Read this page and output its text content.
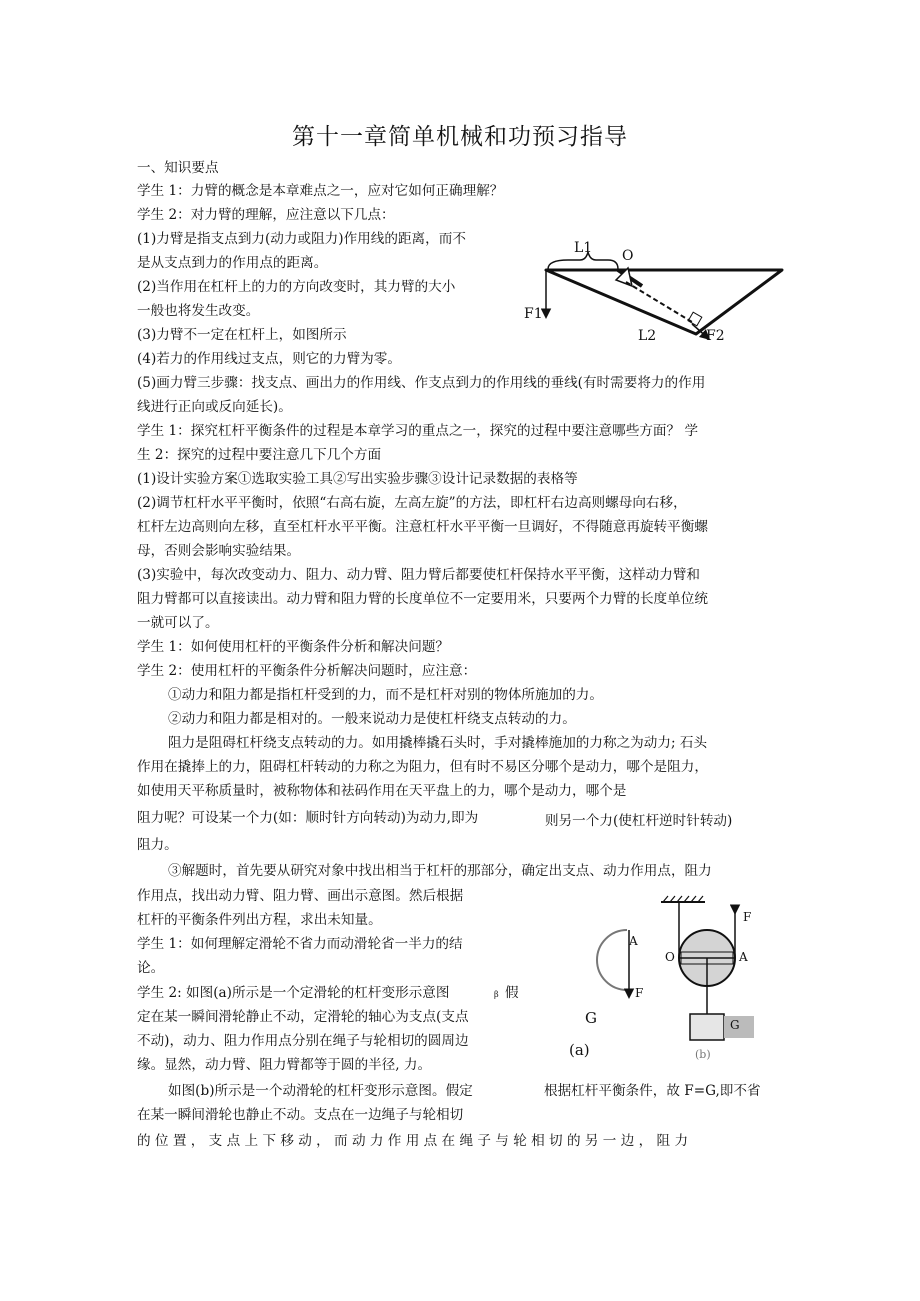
第十一章简单机械和功预习指导
一、知识要点
学生 1：力臂的概念是本章难点之一，应对它如何正确理解？
学生 2：对力臂的理解，应注意以下几点：
(1)力臂是指支点到力(动力或阻力)作用线的距离，而不
是从支点到力的作用点的距离。
(2)当作用在杠杆上的力的方向改变时，其力臂的大小
一般也将发生改变。
(3)力臂不一定在杠杆上，如图所示
(4)若力的作用线过支点，则它的力臂为零。
(5)画力臂三步骤：找支点、画出力的作用线、作支点到力的作用线的垂线(有时需要将力的作用
线进行正向或反向延长)。
学生 1：探究杠杆平衡条件的过程是本章学习的重点之一，探究的过程中要注意哪些方面？ 学
生 2：探究的过程中要注意几下几个方面
(1)设计实验方案①选取实验工具②写出实验步骤③设计记录数据的表格等
(2)调节杠杆水平平衡时，依照“右高右旋，左高左旋”的方法，即杠杆右边高则螺母向右移，
杠杆左边高则向左移，直至杠杆水平平衡。注意杠杆水平平衡一旦调好，不得随意再旋转平衡螺
母，否则会影响实验结果。
(3)实验中，每次改变动力、阻力、动力臂、阻力臂后都要使杠杆保持水平平衡，这样动力臂和
阻力臂都可以直接读出。动力臂和阻力臂的长度单位不一定要用米，只要两个力臂的长度单位统
一就可以了。
学生 1：如何使用杠杆的平衡条件分析和解决问题？
学生 2：使用杠杆的平衡条件分析解决问题时，应注意：
①动力和阻力都是指杠杆受到的力，而不是杠杆对别的物体所施加的力。
②动力和阻力都是相对的。一般来说动力是使杠杆绕支点转动的力。
阻力是阻碍杠杆绕支点转动的力。如用撬棒撬石头时，手对撬棒施加的力称之为动力; 石头
作用在撬捧上的力，阻碍杠杆转动的力称之为阻力，但有时不易区分哪个是动力，哪个是阻力，
如使用天平称质量时，被称物体和祛码作用在天平盘上的力，哪个是动力，哪个是
阻力呢？可设某一个力(如：顺时针方向转动)为动力,即为	则另一个力(使杠杆逆时针转动)
阻力。
③解题时，首先要从研究对象中找出相当于杠杆的那部分，确定出支点、动力作用点，阻力
作用点，找出动力臂、阻力臂、画出示意图。然后根据
杠杆的平衡条件列出方程，求出未知量。
学生 1：如何理解定滑轮不省力而动滑轮省一半力的结
论。
学生 2: 如图(a)所示是一个定滑轮的杠杆变形示意图	β 假
定在某一瞬间滑轮静止不动，定滑轮的轴心为支点(支点
不动)，动力、阻力作用点分别在绳子与轮相切的圆周边
缘。显然，动力臂、阻力臂都等于圆的半径, 力。
如图(b)所示是一个动滑轮的杠杆变形示意图。假定	根据杠杆平衡条件，故 F=G,即不省
在某一瞬间滑轮也静止不动。支点在一边绳子与轮相切
的 位 置 ， 支 点 上 下 移 动 ， 而 动 力 作 用 点 在 绳 子 与 轮 相 切 的 另 一 边 ， 阻 力
L1 O
F1
L2	F2
A
F
G
(a)
F
O	A
G
(b)
